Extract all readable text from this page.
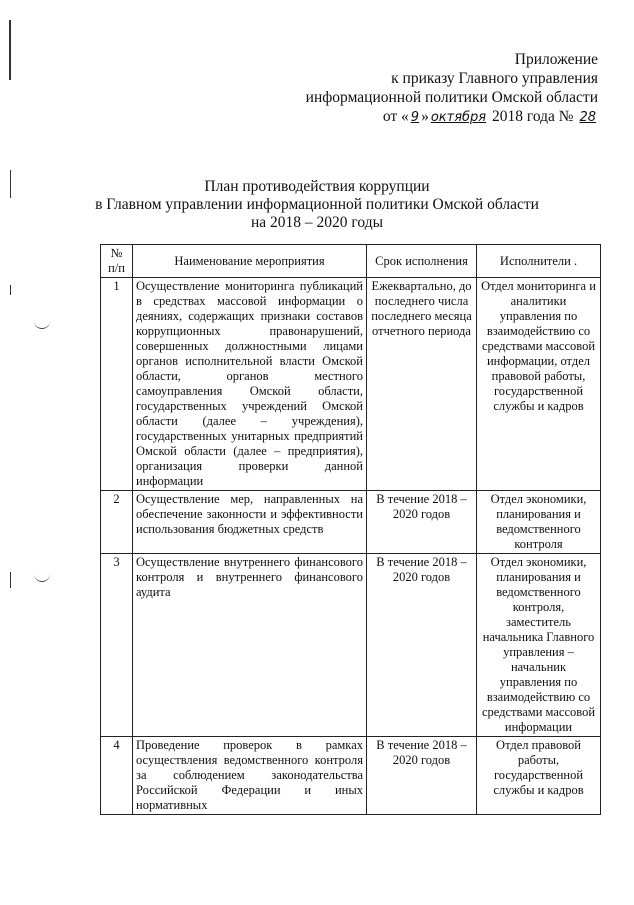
Приложение
к приказу Главного управления
информационной политики Омской области
от « 9 » октября 2018 года № 28
План противодействия коррупции
в Главном управлении информационной политики Омской области
на 2018 – 2020 годы
№ п/п	Наименование мероприятия	Срок исполнения	Исполнители .
1	Осуществление мониторинга публикаций в средствах массовой информации о деяниях, содержащих признаки составов коррупционных правонарушений, совершенных должностными лицами органов исполнительной власти Омской области, органов местного самоуправления Омской области, государственных учреждений Омской области (далее – учреждения), государственных унитарных предприятий Омской области (далее – предприятия), организация проверки данной информации	Ежеквартально, до последнего числа последнего месяца отчетного периода	Отдел мониторинга и аналитики управления по взаимодействию со средствами массовой информации, отдел правовой работы, государственной службы и кадров
2	Осуществление мер, направленных на обеспечение законности и эффективности использования бюджетных средств	В течение 2018 – 2020 годов	Отдел экономики, планирования и ведомственного контроля
3	Осуществление внутреннего финансового контроля и внутреннего финансового аудита	В течение 2018 – 2020 годов	Отдел экономики, планирования и ведомственного контроля, заместитель начальника Главного управления – начальник управления по взаимодействию со средствами массовой информации
4	Проведение проверок в рамках осуществления ведомственного контроля за соблюдением законодательства Российской Федерации и иных нормативных	В течение 2018 – 2020 годов	Отдел правовой работы, государственной службы и кадров
